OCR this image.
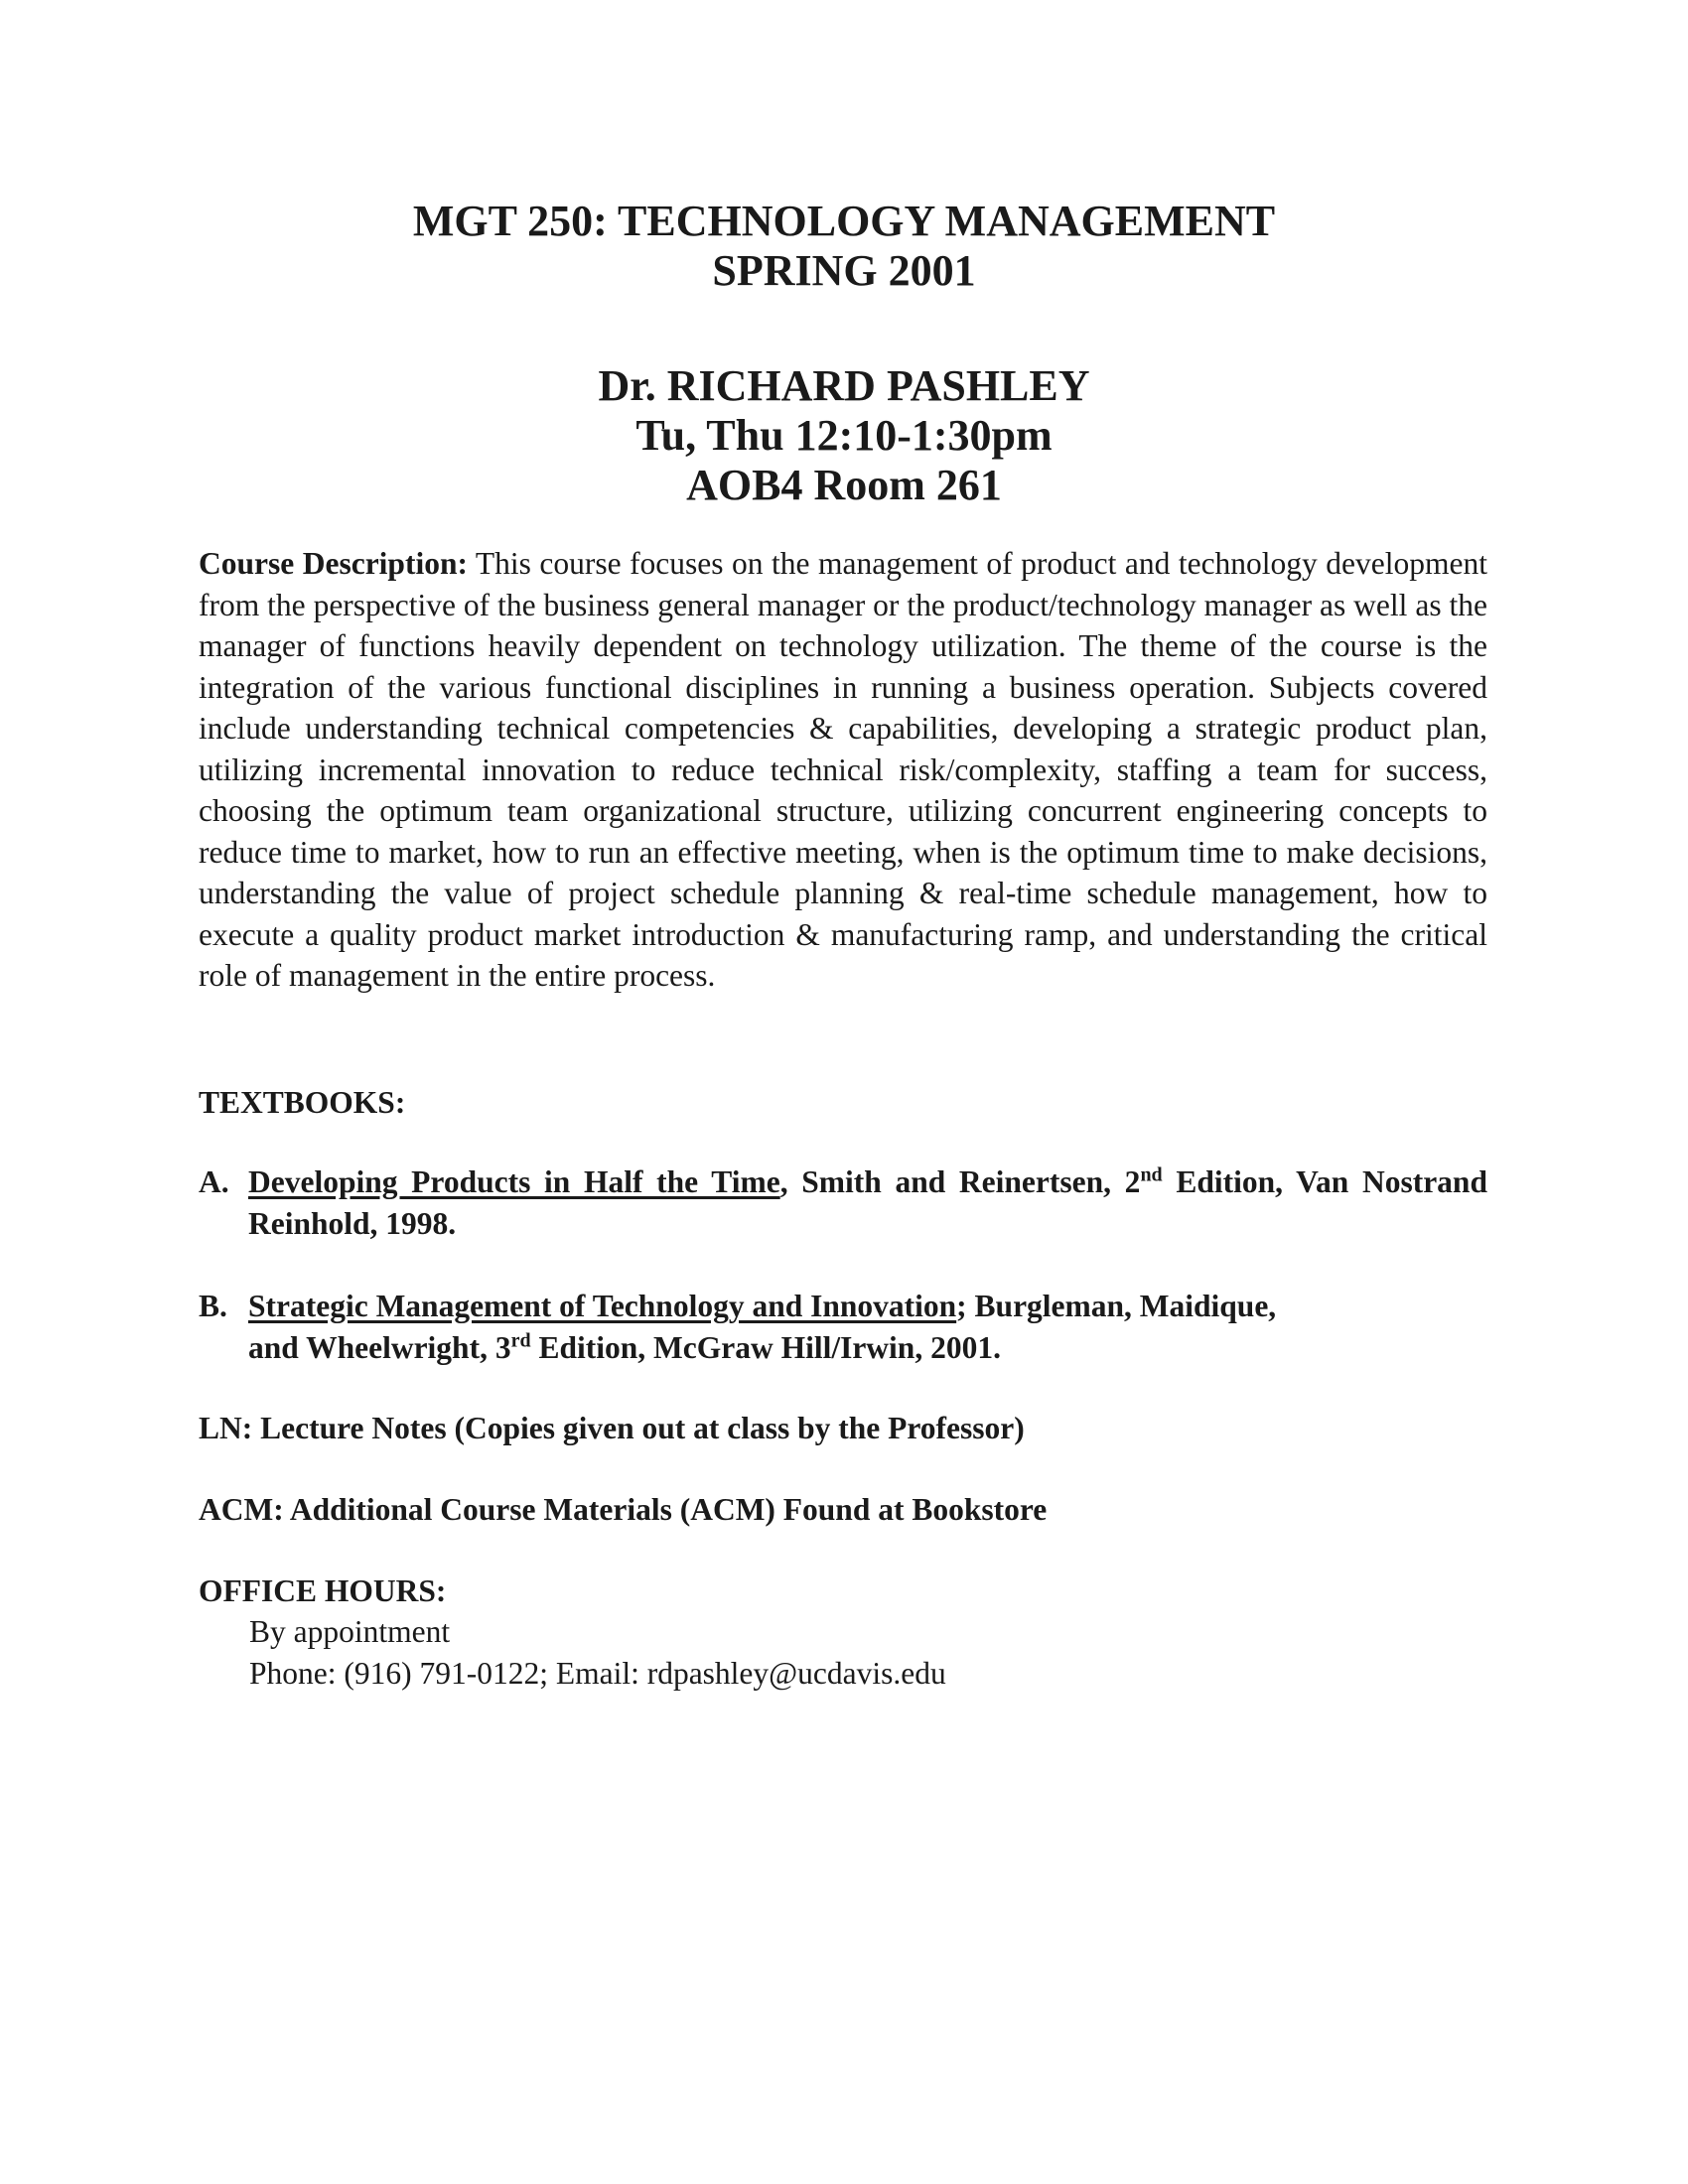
MGT 250: TECHNOLOGY MANAGEMENT
SPRING 2001
Dr. RICHARD PASHLEY
Tu, Thu 12:10-1:30pm
AOB4 Room 261
Course Description: This course focuses on the management of product and technology development from the perspective of the business general manager or the product/technology manager as well as the manager of functions heavily dependent on technology utilization. The theme of the course is the integration of the various functional disciplines in running a business operation. Subjects covered include understanding technical competencies & capabilities, developing a strategic product plan, utilizing incremental innovation to reduce technical risk/complexity, staffing a team for success, choosing the optimum team organizational structure, utilizing concurrent engineering concepts to reduce time to market, how to run an effective meeting, when is the optimum time to make decisions, understanding the value of project schedule planning & real-time schedule management, how to execute a quality product market introduction & manufacturing ramp, and understanding the critical role of management in the entire process.
TEXTBOOKS:
A. Developing Products in Half the Time, Smith and Reinertsen, 2nd Edition, Van Nostrand Reinhold, 1998.
B. Strategic Management of Technology and Innovation; Burgleman, Maidique,
and Wheelwright, 3rd Edition, McGraw Hill/Irwin, 2001.
LN: Lecture Notes (Copies given out at class by the Professor)
ACM: Additional Course Materials (ACM) Found at Bookstore
OFFICE HOURS:
By appointment
Phone: (916) 791-0122; Email: rdpashley@ucdavis.edu
